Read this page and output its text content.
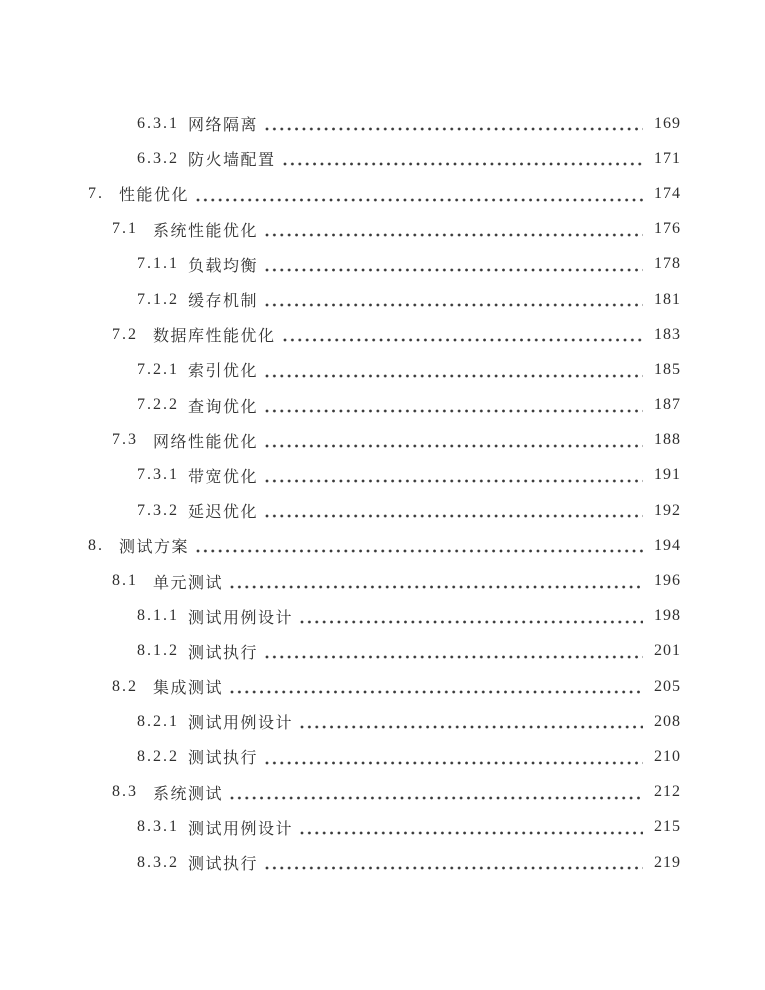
6.3.1 网络隔离	169
6.3.2 防火墙配置	171
7. 性能优化	174
7.1 系统性能优化	176
7.1.1 负载均衡	178
7.1.2 缓存机制	181
7.2 数据库性能优化	183
7.2.1 索引优化	185
7.2.2 查询优化	187
7.3 网络性能优化	188
7.3.1 带宽优化	191
7.3.2 延迟优化	192
8. 测试方案	194
8.1 单元测试	196
8.1.1 测试用例设计	198
8.1.2 测试执行	201
8.2 集成测试	205
8.2.1 测试用例设计	208
8.2.2 测试执行	210
8.3 系统测试	212
8.3.1 测试用例设计	215
8.3.2 测试执行	219
